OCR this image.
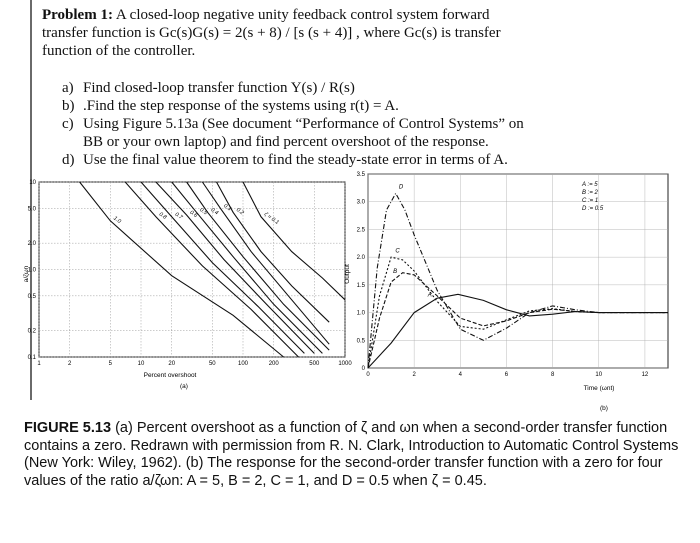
Problem 1: A closed-loop negative unity feedback control system forward
transfer function is Gc(s)G(s) = 2(s + 8) / [s (s + 4)] , where Gc(s) is transfer
function of the controller.
a) Find closed-loop transfer function Y(s) / R(s)
b) .Find the step response of the systems using r(t) = A.
c) Using Figure 5.13a (See document “Performance of Control Systems” on
BB or your own laptop) and find percent overshoot of the response.
d) Use the final value theorem to find the steady-state error in terms of A.
ζ = 0.1
0.2
0.3
0.4
0.5
0.6
0.7
0.8
1.0
1	2	5	10	20	50	100	200	500	1000
10
5.0
2.0
1.0
0.5
0.2
0.1
Percent overshoot
(a)
a/ζωn
D
C
B
A
0	2	4	6	8	10	12
0
0.5
1.0
1.5
2.0
2.5
3.0
3.5
A := 5
B := 2
C := 1
D := 0.5
Time (ωnt)
(b)
Output
FIGURE 5.13 (a) Percent overshoot as a function of ζ and ωn when a second-order transfer function contains a zero. Redrawn with permission from R. N. Clark, Introduction to Automatic Control Systems (New York: Wiley, 1962). (b) The response for the second-order transfer function with a zero for four values of the ratio a/ζωn: A = 5, B = 2, C = 1, and D = 0.5 when ζ = 0.45.
